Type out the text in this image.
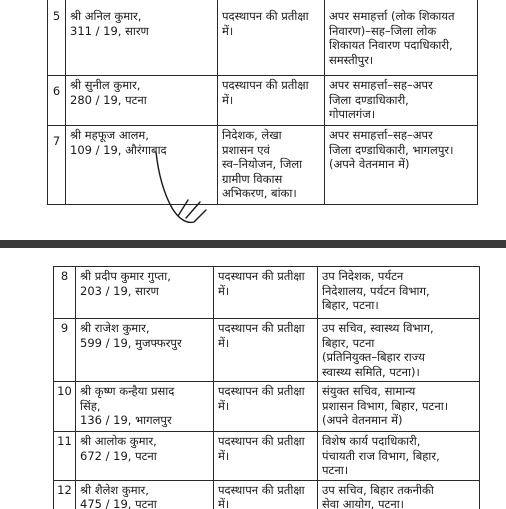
5	श्री अनिल कुमार,
311 / 19, सारण	पदस्थापन की प्रतीक्षा
में।	अपर समाहर्त्ता (लोक शिकायत
निवारण)–सह–जिला लोक
शिकायत निवारण पदाधिकारी,
समस्तीपुर।

6	श्री सुनील कुमार,
280 / 19, पटना	पदस्थापन की प्रतीक्षा
में।	अपर समाहर्त्ता–सह–अपर
जिला दण्डाधिकारी,
गोपालगंज।

7	श्री महफूज आलम,
109 / 19, औरंगाबाद	निदेशक, लेखा
प्रशासन एवं
स्व–नियोजन, जिला
ग्रामीण विकास
अभिकरण, बांका।	अपर समाहर्त्ता–सह–अपर
जिला दण्डाधिकारी, भागलपुर।
(अपने वेतनमान में)
8	श्री प्रदीप कुमार गुप्ता,
203 / 19, सारण	पदस्थापन की प्रतीक्षा
में।	उप निदेशक, पर्यटन
निदेशालय, पर्यटन विभाग,
बिहार, पटना।

9	श्री राजेश कुमार,
599 / 19, मुजफ्फरपुर	पदस्थापन की प्रतीक्षा
में।	उप सचिव, स्वास्थ्य विभाग,
बिहार, पटना
(प्रतिनियुक्त–बिहार राज्य
स्वास्थ्य समिति, पटना)।

10	श्री कृष्ण कन्हैया प्रसाद
सिंह,
136 / 19, भागलपुर	पदस्थापन की प्रतीक्षा
में।	संयुक्त सचिव, सामान्य
प्रशासन विभाग, बिहार, पटना।
(अपने वेतनमान में)

11	श्री आलोक कुमार,
672 / 19, पटना	पदस्थापन की प्रतीक्षा
में।	विशेष कार्य पदाधिकारी,
पंचायती राज विभाग, बिहार,
पटना।

12	श्री शैलेश कुमार,
475 / 19, पटना	पदस्थापन की प्रतीक्षा
में।	उप सचिव, बिहार तकनीकी
सेवा आयोग, पटना।
